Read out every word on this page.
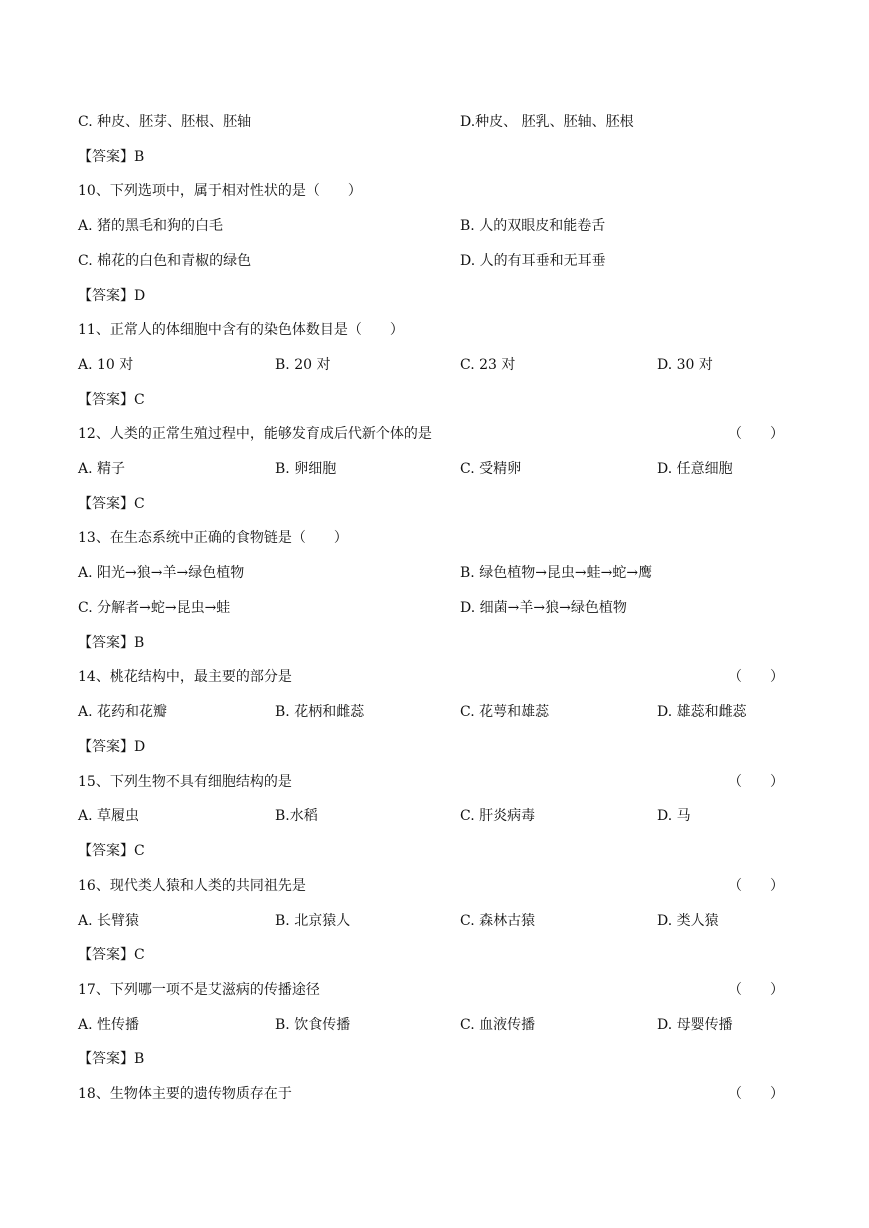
C. 种皮、胚芽、胚根、胚轴	D.种皮、 胚乳、胚轴、胚根
【答案】B
10、下列选项中，属于相对性状的是（　　）
A. 猪的黑毛和狗的白毛	B. 人的双眼皮和能卷舌
C. 棉花的白色和青椒的绿色	D. 人的有耳垂和无耳垂
【答案】D
11、正常人的体细胞中含有的染色体数目是（　　）
A. 10 对	B. 20 对	C. 23 对	D. 30 对
【答案】C
12、人类的正常生殖过程中，能够发育成后代新个体的是	（　　）
A. 精子	B. 卵细胞	C. 受精卵	D. 任意细胞
【答案】C
13、在生态系统中正确的食物链是（　　）
A. 阳光→狼→羊→绿色植物	B. 绿色植物→昆虫→蛙→蛇→鹰
C. 分解者→蛇→昆虫→蛙	D. 细菌→羊→狼→绿色植物
【答案】B
14、桃花结构中，最主要的部分是	（　　）
A. 花药和花瓣	B. 花柄和雌蕊	C. 花萼和雄蕊	D. 雄蕊和雌蕊
【答案】D
15、下列生物不具有细胞结构的是	（　　）
A. 草履虫	B.水稻	C. 肝炎病毒	D. 马
【答案】C
16、现代类人猿和人类的共同祖先是	（　　）
A. 长臂猿	B. 北京猿人	C. 森林古猿	D. 类人猿
【答案】C
17、下列哪一项不是艾滋病的传播途径	（　　）
A. 性传播	B. 饮食传播	C. 血液传播	D. 母婴传播
【答案】B
18、生物体主要的遗传物质存在于	（　　）
